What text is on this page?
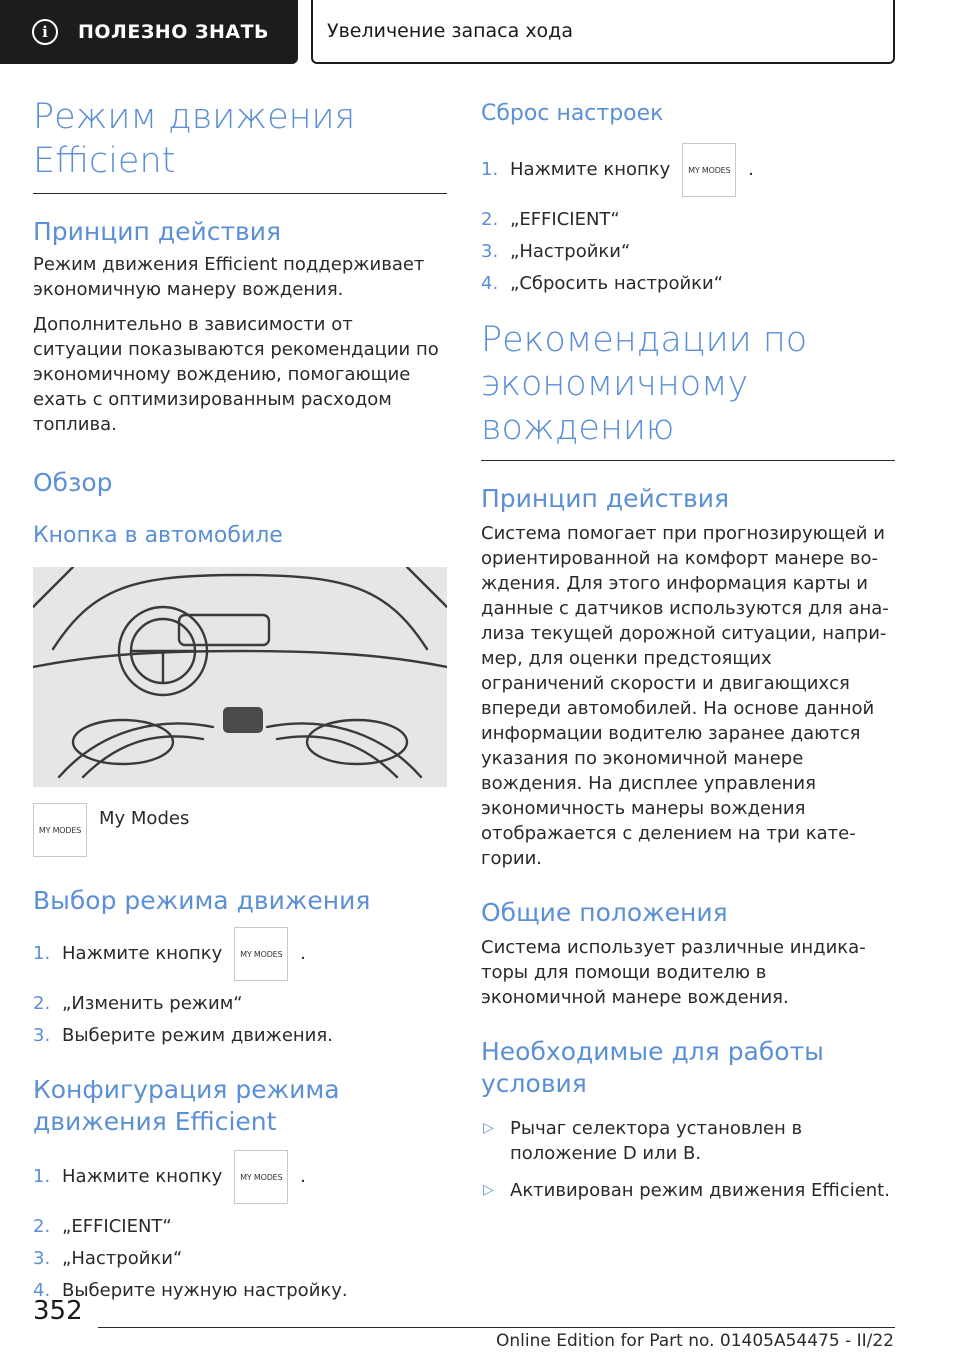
i	ПОЛЕЗНО ЗНАТЬ	Увеличение запаса хода
Режим движения Efficient
Принцип действия

Режим движения Efficient поддерживает экономичную манеру вождения.

Дополнительно в зависимости от ситуации показываются рекомендации по экономичному вождению, помогающие ехать с оптимизированным расходом топлива.

Обзор
Кнопка в автомобиле
MY MODES
My Modes
Выбор режима движения
1. Нажмите кнопку MY MODES .
2. „Изменить режим“
3. Выберите режим движения.
Конфигурация режима движения Efficient
1. Нажмите кнопку MY MODES .
2. „EFFICIENT“
3. „Настройки“
4. Выберите нужную настройку.
Сброс настроек
1. Нажмите кнопку MY MODES .
2. „EFFICIENT“
3. „Настройки“
4. „Сбросить настройки“
Рекомендации по экономичному вождению
Принцип действия

Система помогает при прогнозирующей и ориентированной на комфорт манере вождения. Для этого информация карты и данные с датчиков используются для анализа текущей дорожной ситуации, например, для оценки предстоящих ограничений скорости и двигающихся впереди автомобилей. На основе данной информации водителю заранее даются указания по экономичной манере вождения. На дисплее управления экономичность манеры вождения отображается с делением на три категории.

Общие положения

Система использует различные индикаторы для помощи водителю в экономичной манере вождения.

Необходимые для работы условия
▷ Рычаг селектора установлен в положение D или B.
▷ Активирован режим движения Efficient.
352
Online Edition for Part no. 01405A54475 - II/22
